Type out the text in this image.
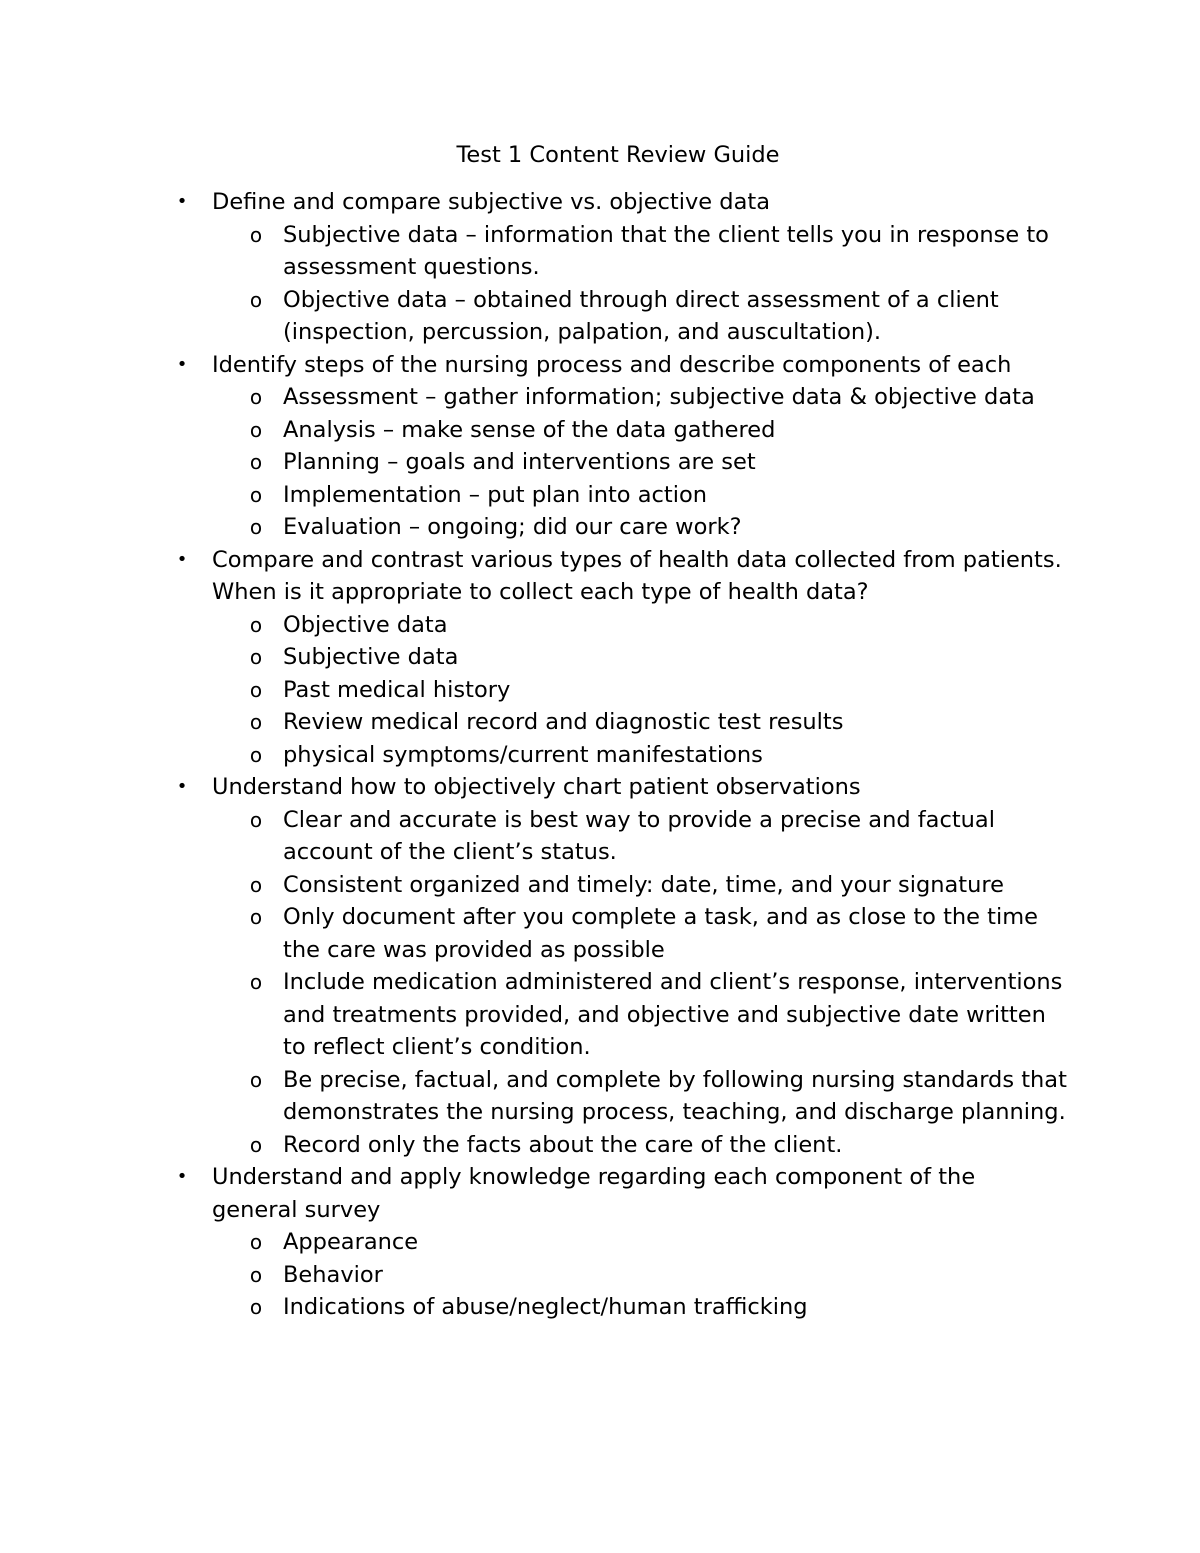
Test 1 Content Review Guide
• Define and compare subjective vs. objective data
o Subjective data – information that the client tells you in response to assessment questions.
o Objective data – obtained through direct assessment of a client (inspection, percussion, palpation, and auscultation).
• Identify steps of the nursing process and describe components of each
o Assessment – gather information; subjective data & objective data
o Analysis – make sense of the data gathered
o Planning – goals and interventions are set
o Implementation – put plan into action
o Evaluation – ongoing; did our care work?
• Compare and contrast various types of health data collected from patients. When is it appropriate to collect each type of health data?
o Objective data
o Subjective data
o Past medical history
o Review medical record and diagnostic test results
o physical symptoms/current manifestations
• Understand how to objectively chart patient observations
o Clear and accurate is best way to provide a precise and factual account of the client’s status.
o Consistent organized and timely: date, time, and your signature
o Only document after you complete a task, and as close to the time the care was provided as possible
o Include medication administered and client’s response, interventions and treatments provided, and objective and subjective date written to reflect client’s condition.
o Be precise, factual, and complete by following nursing standards that demonstrates the nursing process, teaching, and discharge planning.
o Record only the facts about the care of the client.
• Understand and apply knowledge regarding each component of the general survey
o Appearance
o Behavior
o Indications of abuse/neglect/human trafficking
